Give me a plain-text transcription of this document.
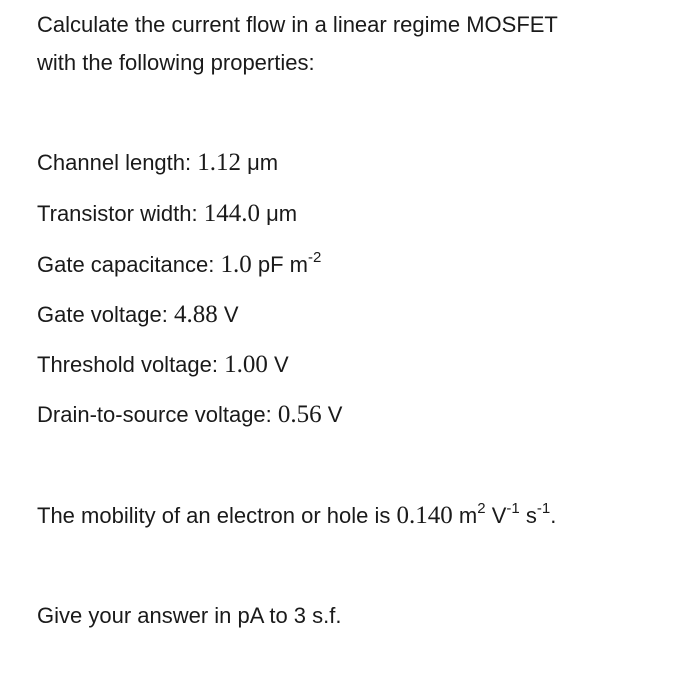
Calculate the current flow in a linear regime MOSFET
with the following properties:
Channel length: 1.12 μm
Transistor width: 144.0 μm
Gate capacitance: 1.0 pF $m^{-2}$
Gate voltage: 4.88 V
Threshold voltage: 1.00 V
Drain-to-source voltage: 0.56 V
The mobility of an electron or hole is 0.140 $m^2$ $V^{-1}$ $s^{-1}$.
Give your answer in pA to 3 s.f.
